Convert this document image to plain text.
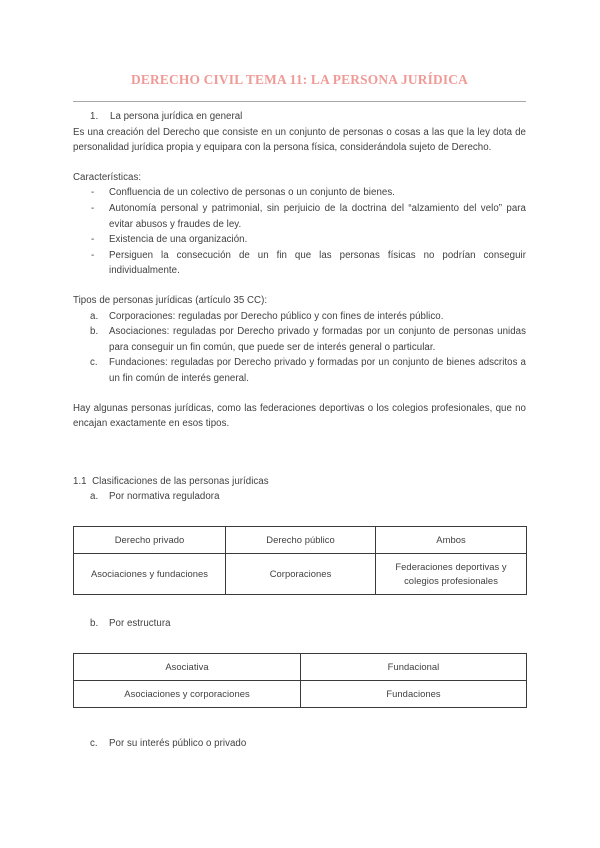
DERECHO CIVIL TEMA 11: LA PERSONA JURÍDICA
1.	La persona jurídica en general

Es una creación del Derecho que consiste en un conjunto de personas o cosas a las que la ley dota de personalidad jurídica propia y equipara con la persona física, considerándola sujeto de Derecho.

Características:

-	Confluencia de un colectivo de personas o un conjunto de bienes.
-	Autonomía personal y patrimonial, sin perjuicio de la doctrina del “alzamiento del velo” para evitar abusos y fraudes de ley.
-	Existencia de una organización.
-	Persiguen la consecución de un fin que las personas físicas no podrían conseguir individualmente.

Tipos de personas jurídicas (artículo 35 CC):

a.	Corporaciones: reguladas por Derecho público y con fines de interés público.
b.	Asociaciones: reguladas por Derecho privado y formadas por un conjunto de personas unidas para conseguir un fin común, que puede ser de interés general o particular.
c.	Fundaciones: reguladas por Derecho privado y formadas por un conjunto de bienes adscritos a un fin común de interés general.

Hay algunas personas jurídicas, como las federaciones deportivas o los colegios profesionales, que no encajan exactamente en esos tipos.

1.1 Clasificaciones de las personas jurídicas
a.	Por normativa reguladora
Derecho privado	Derecho público	Ambos
Asociaciones y fundaciones	Corporaciones	Federaciones deportivas y colegios profesionales
b.	Por estructura
Asociativa	Fundacional
Asociaciones y corporaciones	Fundaciones
c.	Por su interés público o privado
